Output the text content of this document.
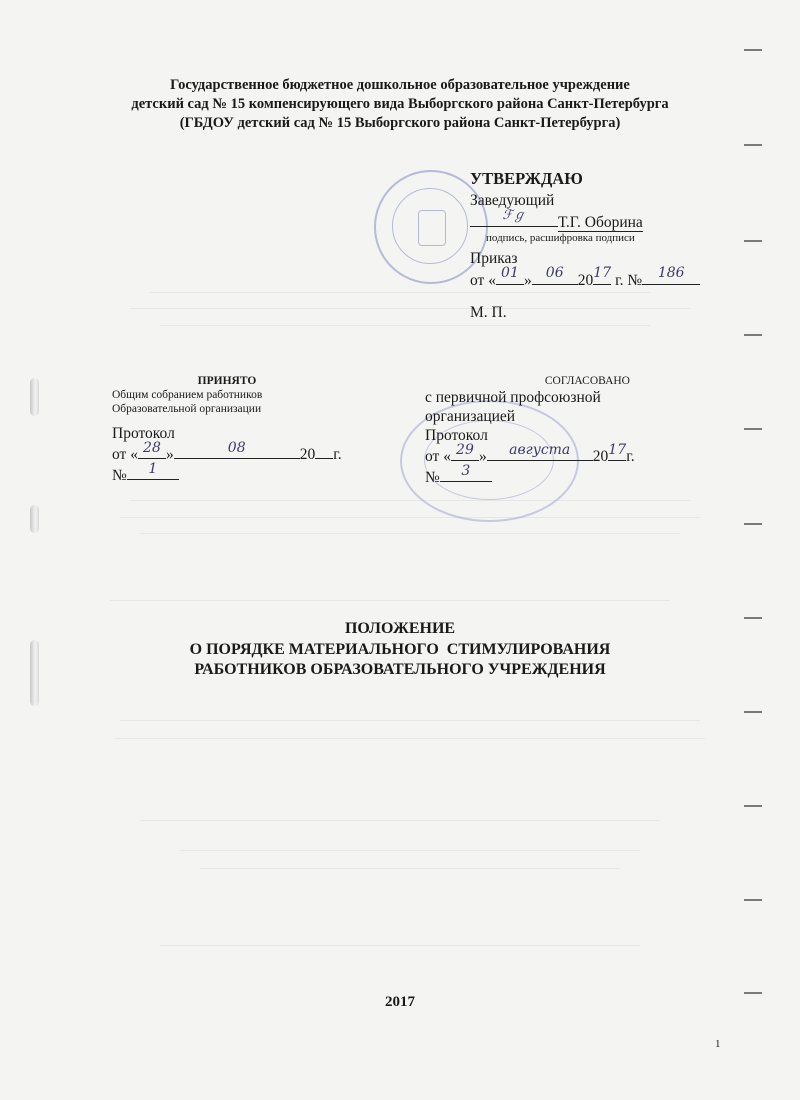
Государственное бюджетное дошкольное образовательное учреждение
детский сад № 15 компенсирующего вида Выборгского района Санкт-Петербурга
(ГБДОУ детский сад № 15 Выборгского района Санкт-Петербурга)
УТВЕРЖДАЮ
Заведующий
ℱℊ	Т.Г. Оборина
подпись, расшифровка подписи
Приказ
от « 01 »	06 20 17 г. №	186
М. П.
ПРИНЯТО
Общим собранием работников
Образовательной организации
Протокол
от « 28 »	08	20 г.
№	1
СОГЛАСОВАНО
с первичной профсоюзной
организацией
Протокол
от « 29 »	августа	20 17 г.
№	3
ПОЛОЖЕНИЕ
О ПОРЯДКЕ МАТЕРИАЛЬНОГО  СТИМУЛИРОВАНИЯ
РАБОТНИКОВ ОБРАЗОВАТЕЛЬНОГО УЧРЕЖДЕНИЯ
2017
1
